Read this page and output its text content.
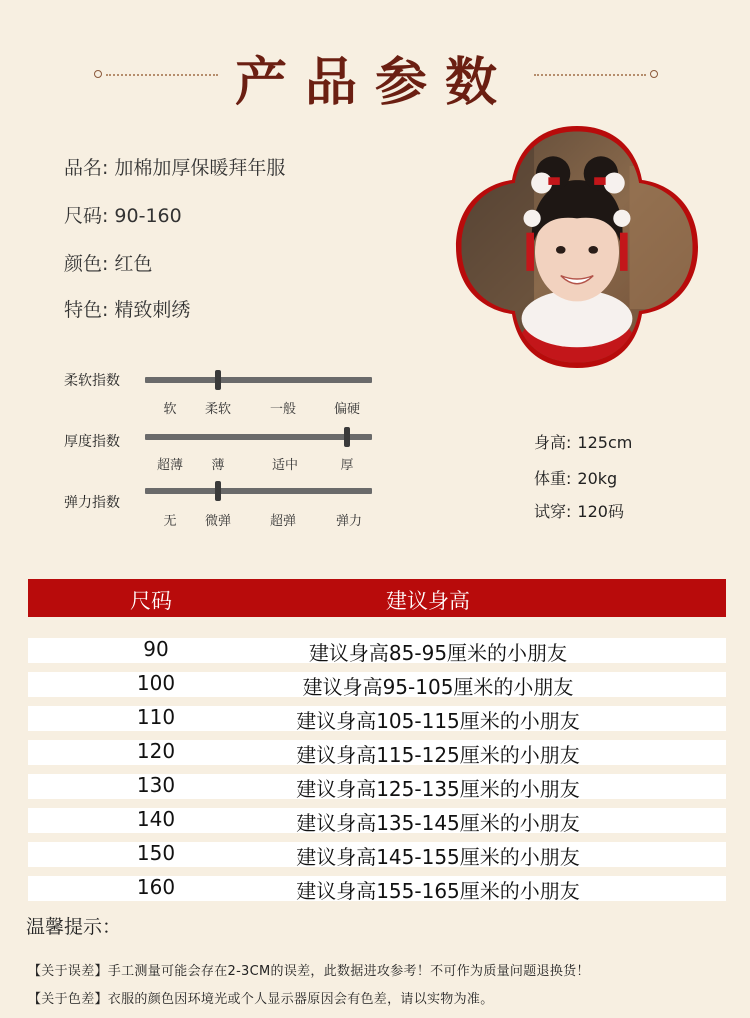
产品参数
品名: 加棉加厚保暖拜年服
尺码: 90-160
颜色: 红色
特色: 精致刺绣
柔软指数
软 柔软	一般	偏硬
厚度指数
超薄 薄	适中	厚
弹力指数
无 微弹	超弹	弹力
身高: 125cm
体重: 20kg
试穿: 120码
尺码	建议身高
90	建议身高85-95厘米的小朋友
100	建议身高95-105厘米的小朋友
110	建议身高105-115厘米的小朋友
120	建议身高115-125厘米的小朋友
130	建议身高125-135厘米的小朋友
140	建议身高135-145厘米的小朋友
150	建议身高145-155厘米的小朋友
160	建议身高155-165厘米的小朋友
温馨提示：
【关于误差】手工测量可能会存在2-3CM的误差，此数据进攻参考！不可作为质量问题退换货！
【关于色差】衣服的颜色因环境光或个人显示器原因会有色差，请以实物为准。
